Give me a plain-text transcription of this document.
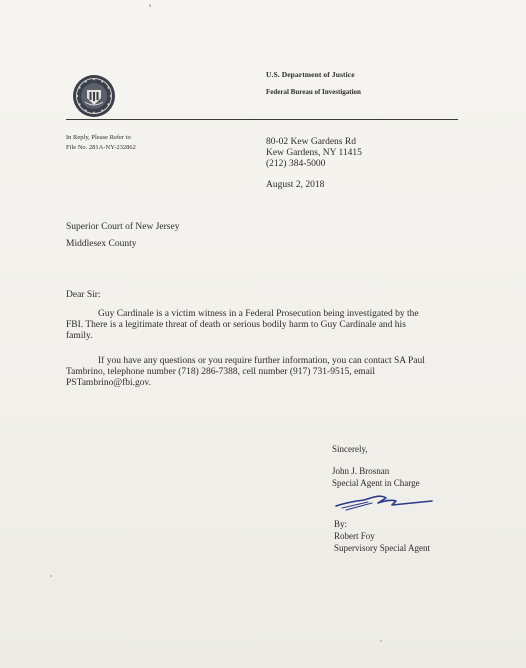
U.S. Department of Justice
Federal Bureau of Investigation
In Reply, Please Refer to
File No. 281A-NY-232862
80-02 Kew Gardens Rd
Kew Gardens, NY 11415
(212) 384-5000
August 2, 2018
Superior Court of New Jersey
Middlesex County
Dear Sir:
Guy Cardinale is a victim witness in a Federal Prosecution being investigated by the
FBI. There is a legitimate threat of death or serious bodily harm to Guy Cardinale and his
family.
If you have any questions or you require further information, you can contact SA Paul
Tambrino, telephone number (718) 286-7388, cell number (917) 731-9515, email
PSTambrino@fbi.gov.
Sincerely,
John J. Brosnan
Special Agent in Charge
By:
Robert Foy
Supervisory Special Agent
